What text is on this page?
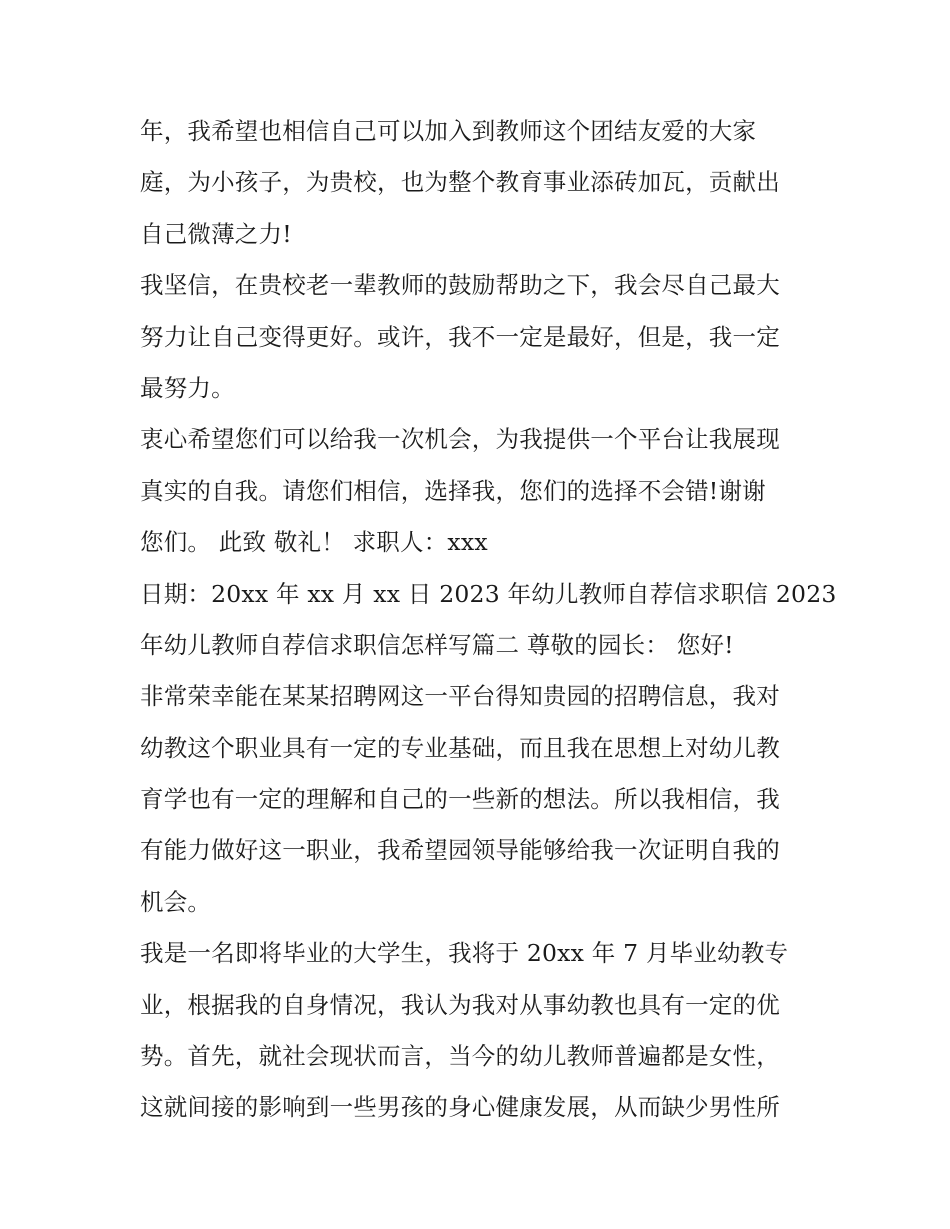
年，我希望也相信自己可以加入到教师这个团结友爱的大家
庭，为小孩子，为贵校，也为整个教育事业添砖加瓦，贡献出
自己微薄之力!
我坚信，在贵校老一辈教师的鼓励帮助之下，我会尽自己最大
努力让自己变得更好。或许，我不一定是最好，但是，我一定
最努力。
衷心希望您们可以给我一次机会，为我提供一个平台让我展现
真实的自我。请您们相信，选择我，您们的选择不会错!谢谢
您们。 此致 敬礼！ 求职人：xxx
日期：20xx 年 xx 月 xx 日 2023 年幼儿教师自荐信求职信 2023
年幼儿教师自荐信求职信怎样写篇二 尊敬的园长： 您好!
非常荣幸能在某某招聘网这一平台得知贵园的招聘信息，我对
幼教这个职业具有一定的专业基础，而且我在思想上对幼儿教
育学也有一定的理解和自己的一些新的想法。所以我相信，我
有能力做好这一职业，我希望园领导能够给我一次证明自我的
机会。
我是一名即将毕业的大学生，我将于 20xx 年 7 月毕业幼教专
业，根据我的自身情况，我认为我对从事幼教也具有一定的优
势。首先，就社会现状而言，当今的幼儿教师普遍都是女性，
这就间接的影响到一些男孩的身心健康发展，从而缺少男性所
